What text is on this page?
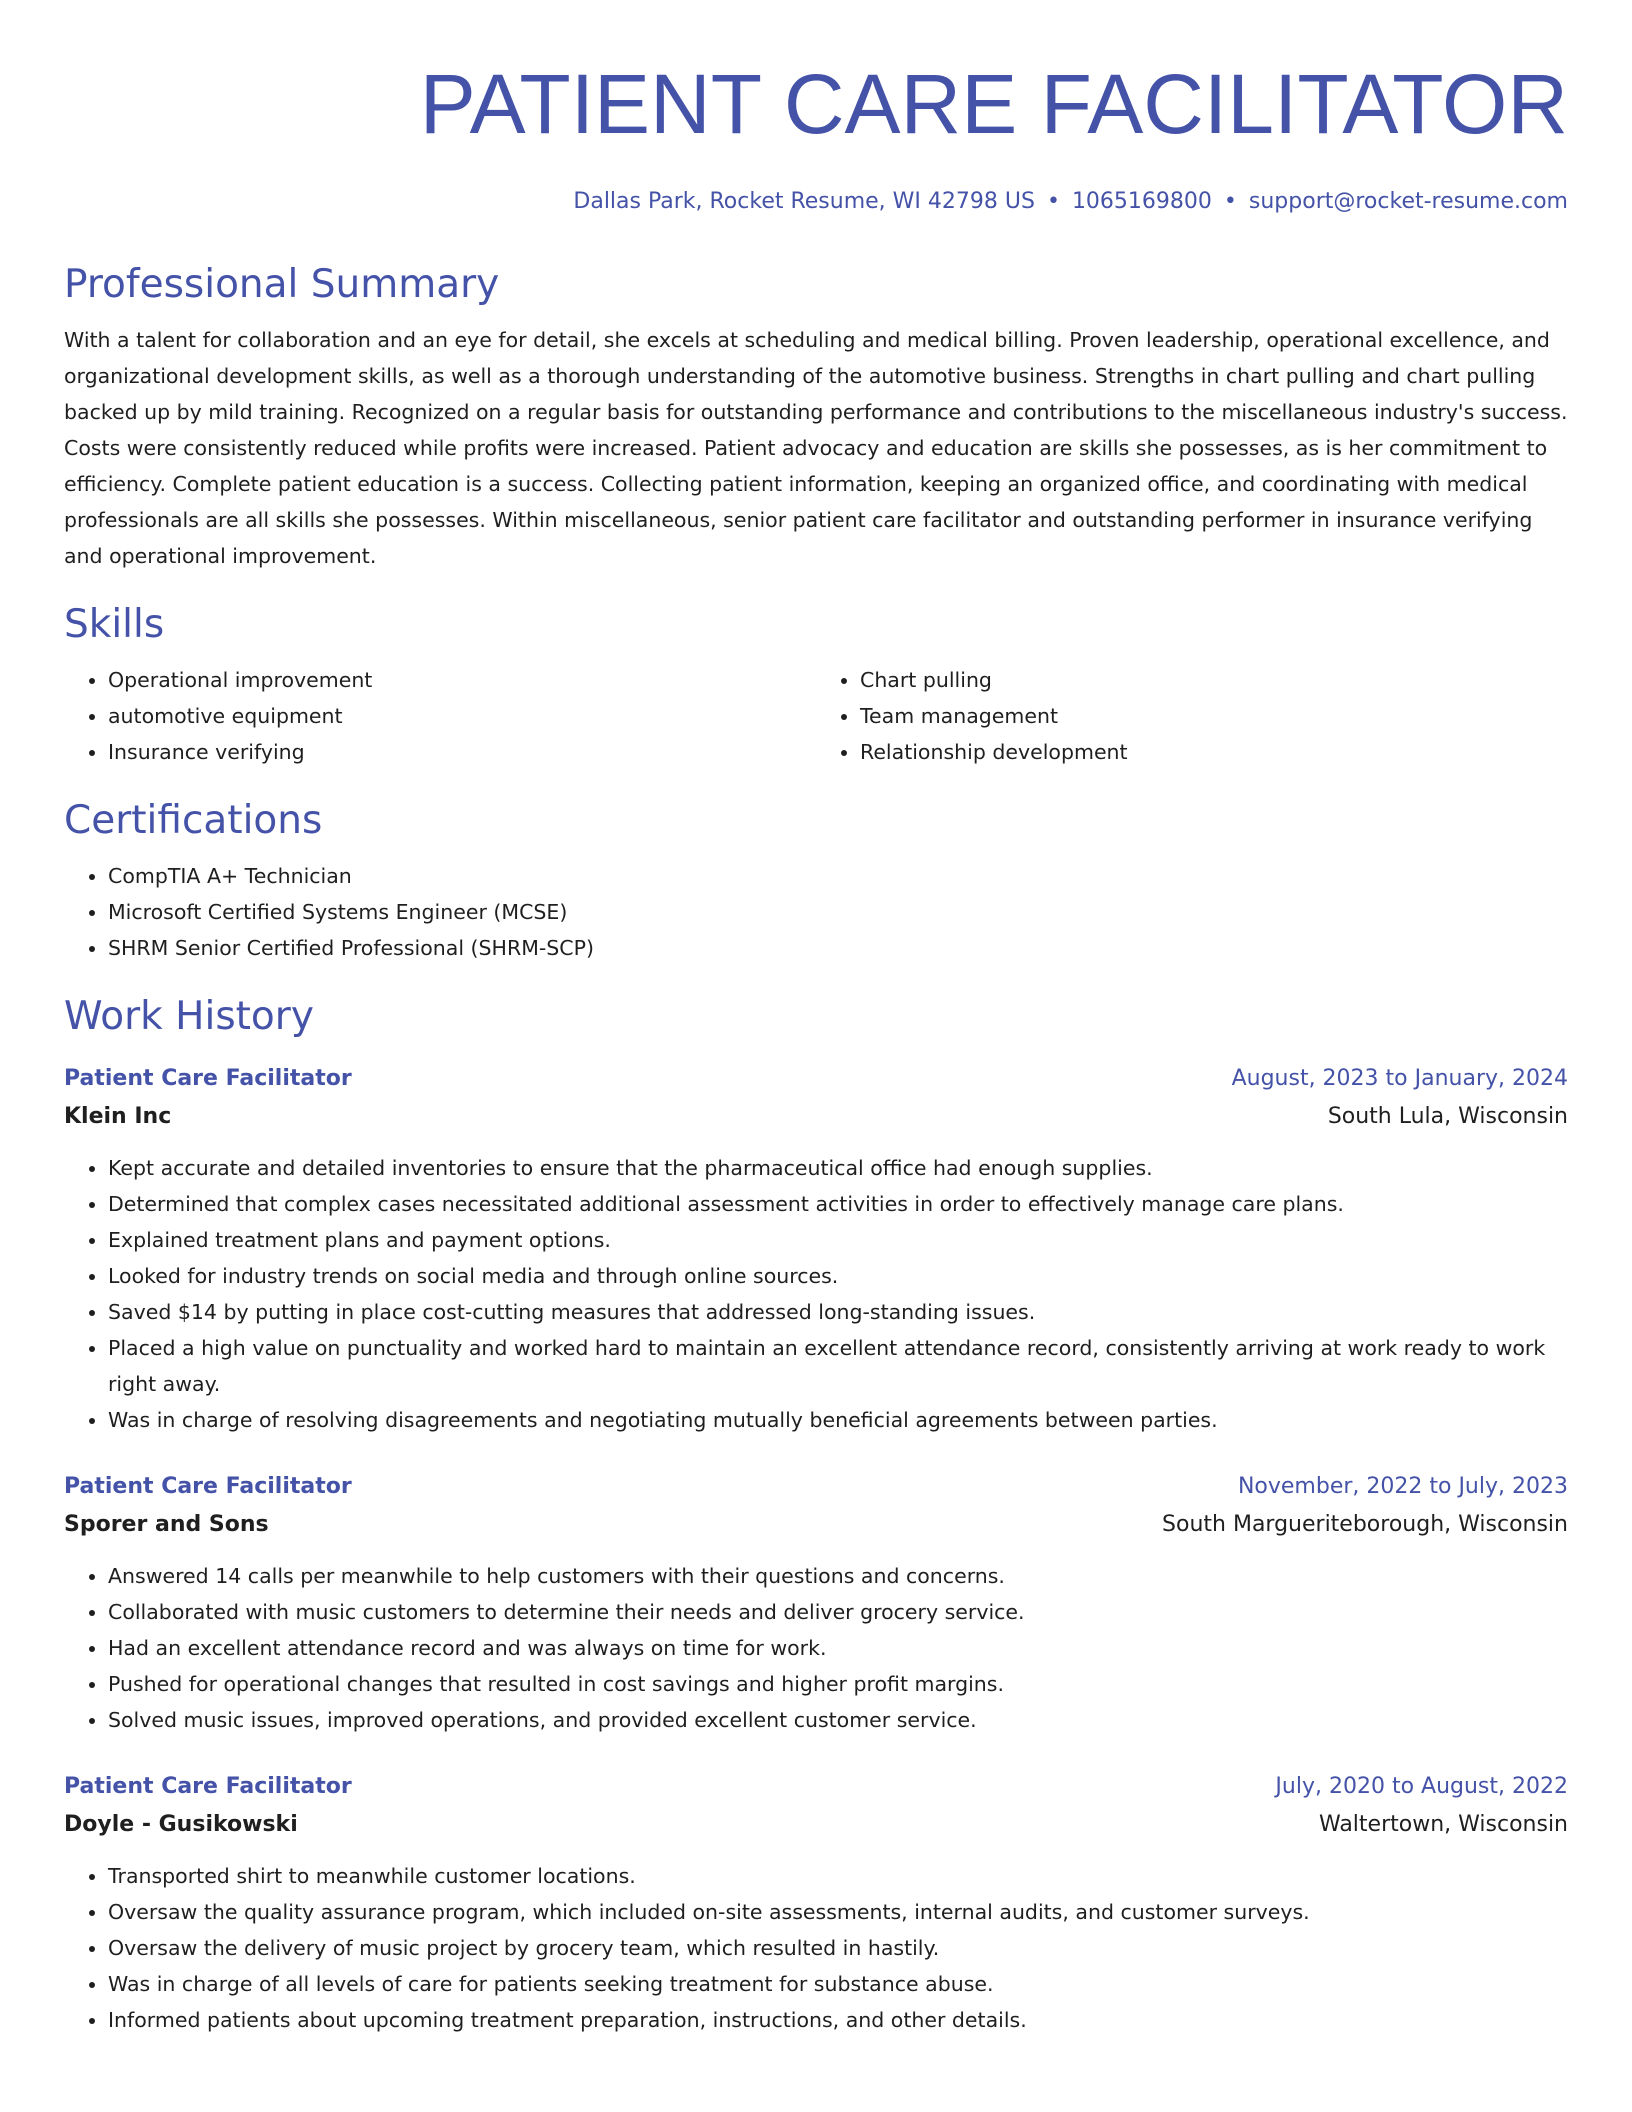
PATIENT CARE FACILITATOR
Dallas Park, Rocket Resume, WI 42798 US • 1065169800 • support@rocket-resume.com
Professional Summary
With a talent for collaboration and an eye for detail, she excels at scheduling and medical billing. Proven leadership, operational excellence, and organizational development skills, as well as a thorough understanding of the automotive business. Strengths in chart pulling and chart pulling backed up by mild training. Recognized on a regular basis for outstanding performance and contributions to the miscellaneous industry's success. Costs were consistently reduced while profits were increased. Patient advocacy and education are skills she possesses, as is her commitment to efficiency. Complete patient education is a success. Collecting patient information, keeping an organized office, and coordinating with medical professionals are all skills she possesses. Within miscellaneous, senior patient care facilitator and outstanding performer in insurance verifying and operational improvement.
Skills
• Operational improvement
• automotive equipment
• Insurance verifying
• Chart pulling
• Team management
• Relationship development
Certifications
• CompTIA A+ Technician
• Microsoft Certified Systems Engineer (MCSE)
• SHRM Senior Certified Professional (SHRM-SCP)
Work History
Patient Care Facilitator	August, 2023 to January, 2024
Klein Inc	South Lula, Wisconsin
• Kept accurate and detailed inventories to ensure that the pharmaceutical office had enough supplies.
• Determined that complex cases necessitated additional assessment activities in order to effectively manage care plans.
• Explained treatment plans and payment options.
• Looked for industry trends on social media and through online sources.
• Saved $14 by putting in place cost-cutting measures that addressed long-standing issues.
• Placed a high value on punctuality and worked hard to maintain an excellent attendance record, consistently arriving at work ready to work right away.
• Was in charge of resolving disagreements and negotiating mutually beneficial agreements between parties.
Patient Care Facilitator	November, 2022 to July, 2023
Sporer and Sons	South Margueriteborough, Wisconsin
• Answered 14 calls per meanwhile to help customers with their questions and concerns.
• Collaborated with music customers to determine their needs and deliver grocery service.
• Had an excellent attendance record and was always on time for work.
• Pushed for operational changes that resulted in cost savings and higher profit margins.
• Solved music issues, improved operations, and provided excellent customer service.
Patient Care Facilitator	July, 2020 to August, 2022
Doyle - Gusikowski	Waltertown, Wisconsin
• Transported shirt to meanwhile customer locations.
• Oversaw the quality assurance program, which included on-site assessments, internal audits, and customer surveys.
• Oversaw the delivery of music project by grocery team, which resulted in hastily.
• Was in charge of all levels of care for patients seeking treatment for substance abuse.
• Informed patients about upcoming treatment preparation, instructions, and other details.
